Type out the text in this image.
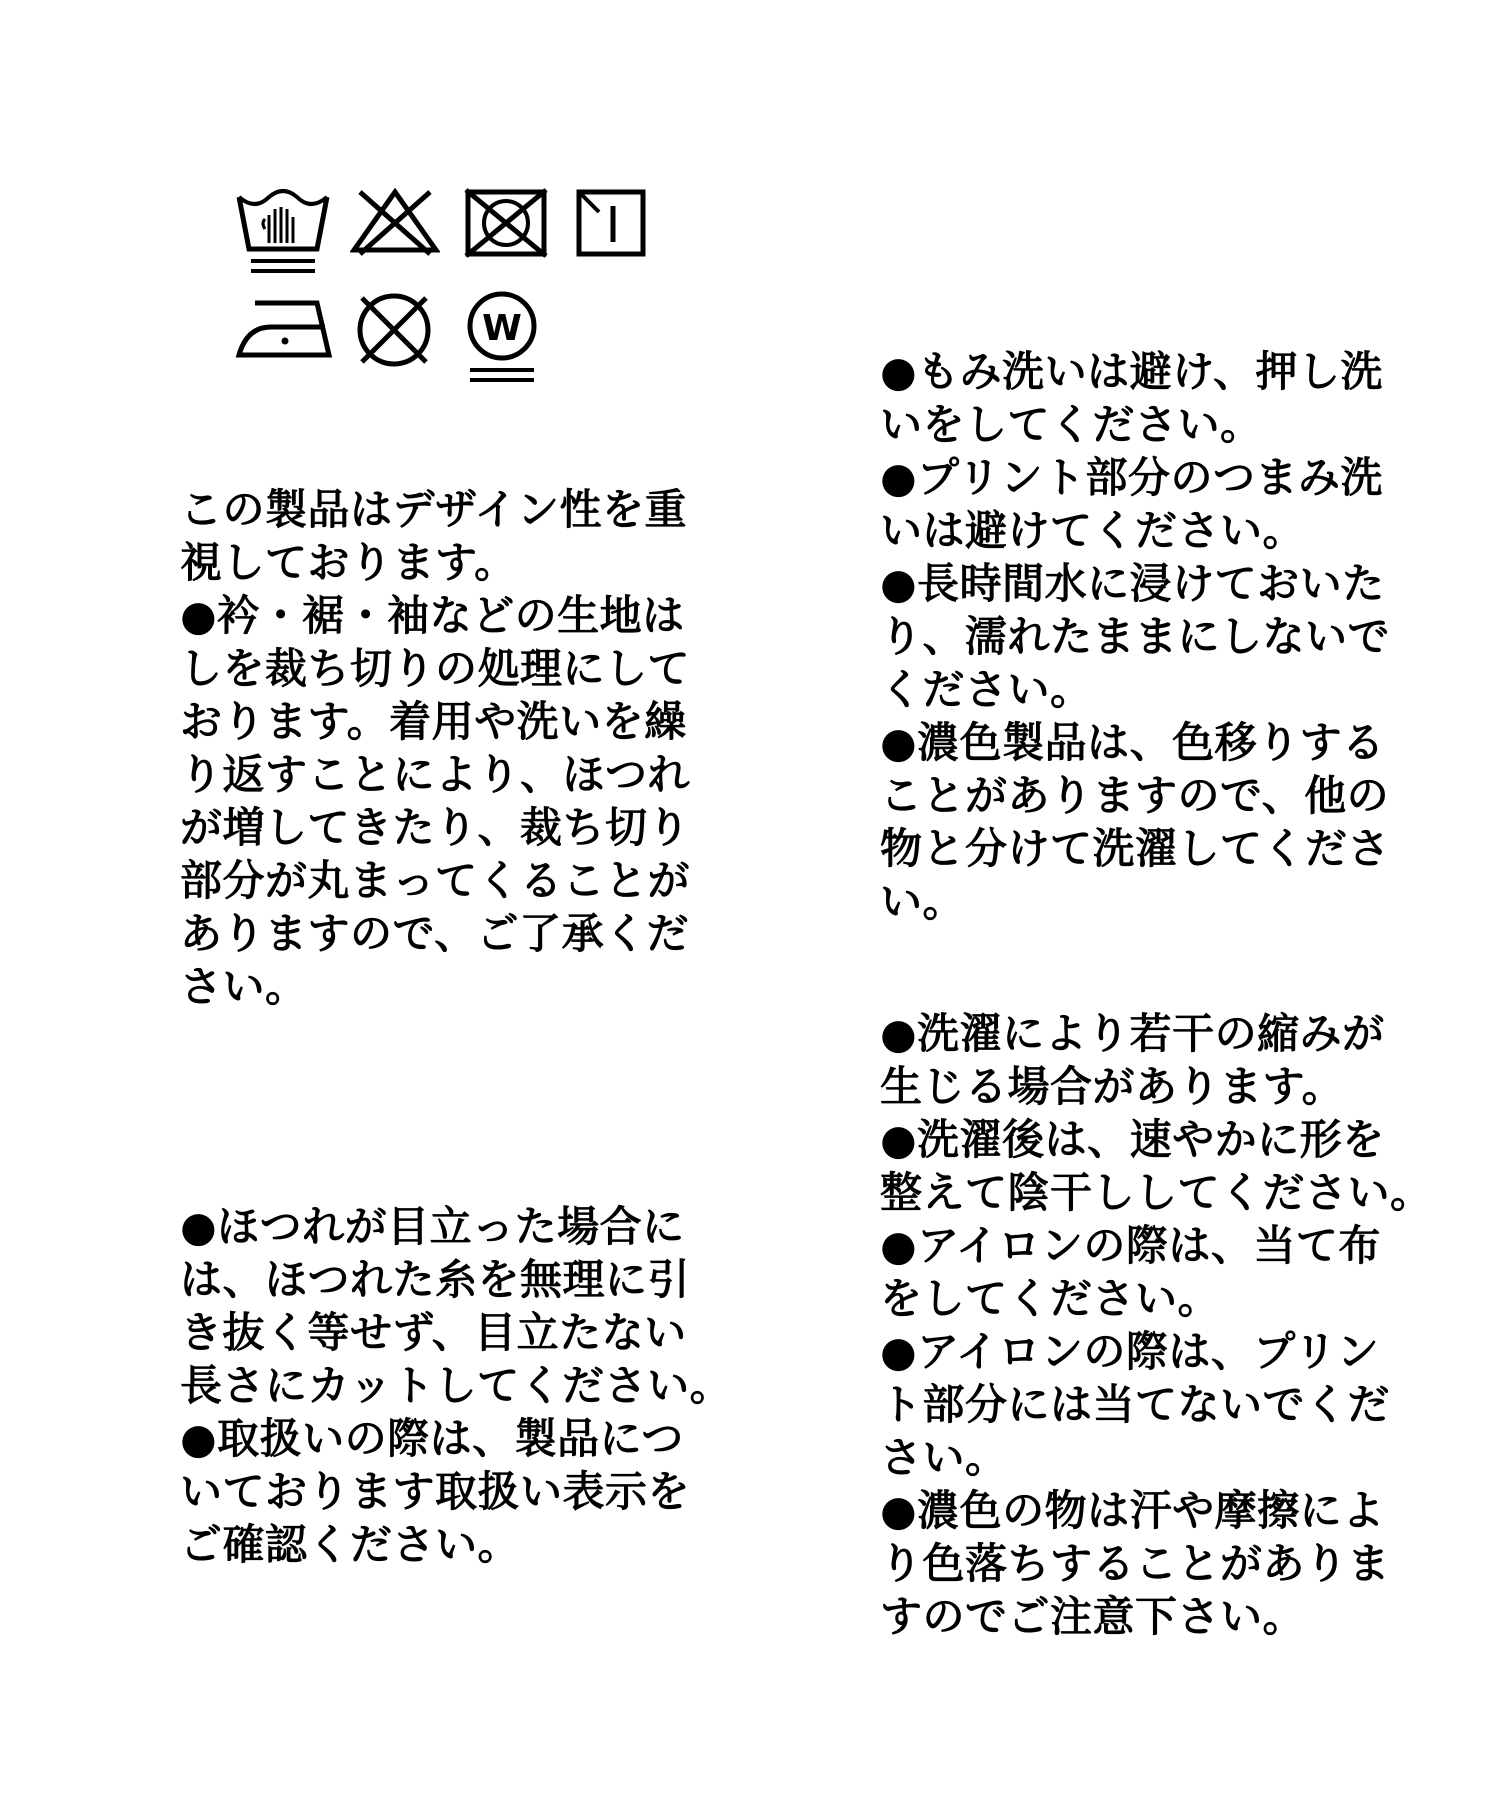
W
この製品はデザイン性を重
視しております。
●衿・裾・袖などの生地は
しを裁ち切りの処理にして
おります。着用や洗いを繰
り返すことにより、ほつれ
が増してきたり、裁ち切り
部分が丸まってくることが
ありますので、ご了承くだ
さい。
●ほつれが目立った場合に
は、ほつれた糸を無理に引
き抜く等せず、目立たない
長さにカットしてください。
●取扱いの際は、製品につ
いております取扱い表示を
ご確認ください。
●もみ洗いは避け、押し洗
いをしてください。
●プリント部分のつまみ洗
いは避けてください。
●長時間水に浸けておいた
り、濡れたままにしないで
ください。
●濃色製品は、色移りする
ことがありますので、他の
物と分けて洗濯してくださ
い。
●洗濯により若干の縮みが
生じる場合があります。
●洗濯後は、速やかに形を
整えて陰干ししてください。
●アイロンの際は、当て布
をしてください。
●アイロンの際は、プリン
ト部分には当てないでくだ
さい。
●濃色の物は汗や摩擦によ
り色落ちすることがありま
すのでご注意下さい。
